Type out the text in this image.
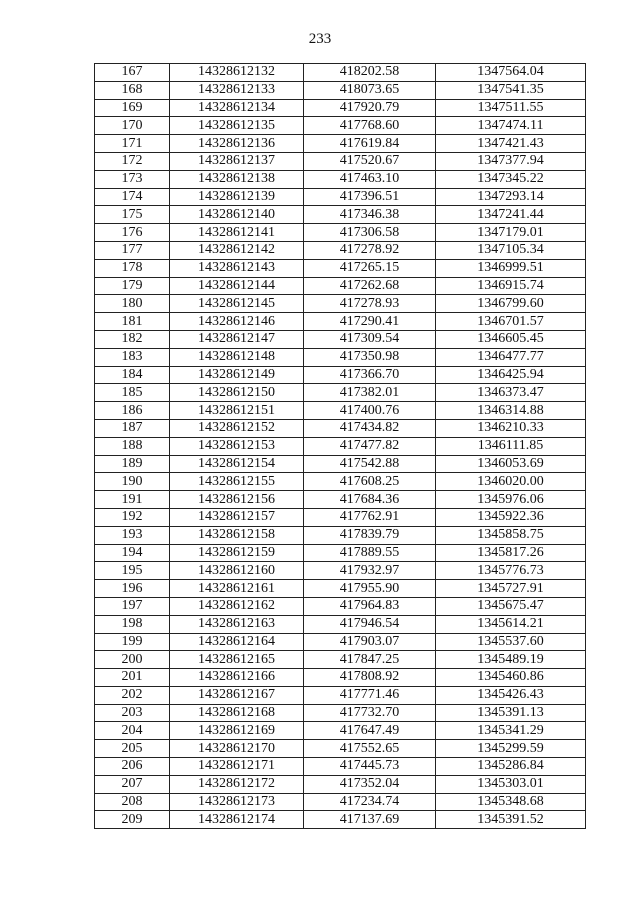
233
167	14328612132	418202.58	1347564.04
168	14328612133	418073.65	1347541.35
169	14328612134	417920.79	1347511.55
170	14328612135	417768.60	1347474.11
171	14328612136	417619.84	1347421.43
172	14328612137	417520.67	1347377.94
173	14328612138	417463.10	1347345.22
174	14328612139	417396.51	1347293.14
175	14328612140	417346.38	1347241.44
176	14328612141	417306.58	1347179.01
177	14328612142	417278.92	1347105.34
178	14328612143	417265.15	1346999.51
179	14328612144	417262.68	1346915.74
180	14328612145	417278.93	1346799.60
181	14328612146	417290.41	1346701.57
182	14328612147	417309.54	1346605.45
183	14328612148	417350.98	1346477.77
184	14328612149	417366.70	1346425.94
185	14328612150	417382.01	1346373.47
186	14328612151	417400.76	1346314.88
187	14328612152	417434.82	1346210.33
188	14328612153	417477.82	1346111.85
189	14328612154	417542.88	1346053.69
190	14328612155	417608.25	1346020.00
191	14328612156	417684.36	1345976.06
192	14328612157	417762.91	1345922.36
193	14328612158	417839.79	1345858.75
194	14328612159	417889.55	1345817.26
195	14328612160	417932.97	1345776.73
196	14328612161	417955.90	1345727.91
197	14328612162	417964.83	1345675.47
198	14328612163	417946.54	1345614.21
199	14328612164	417903.07	1345537.60
200	14328612165	417847.25	1345489.19
201	14328612166	417808.92	1345460.86
202	14328612167	417771.46	1345426.43
203	14328612168	417732.70	1345391.13
204	14328612169	417647.49	1345341.29
205	14328612170	417552.65	1345299.59
206	14328612171	417445.73	1345286.84
207	14328612172	417352.04	1345303.01
208	14328612173	417234.74	1345348.68
209	14328612174	417137.69	1345391.52
